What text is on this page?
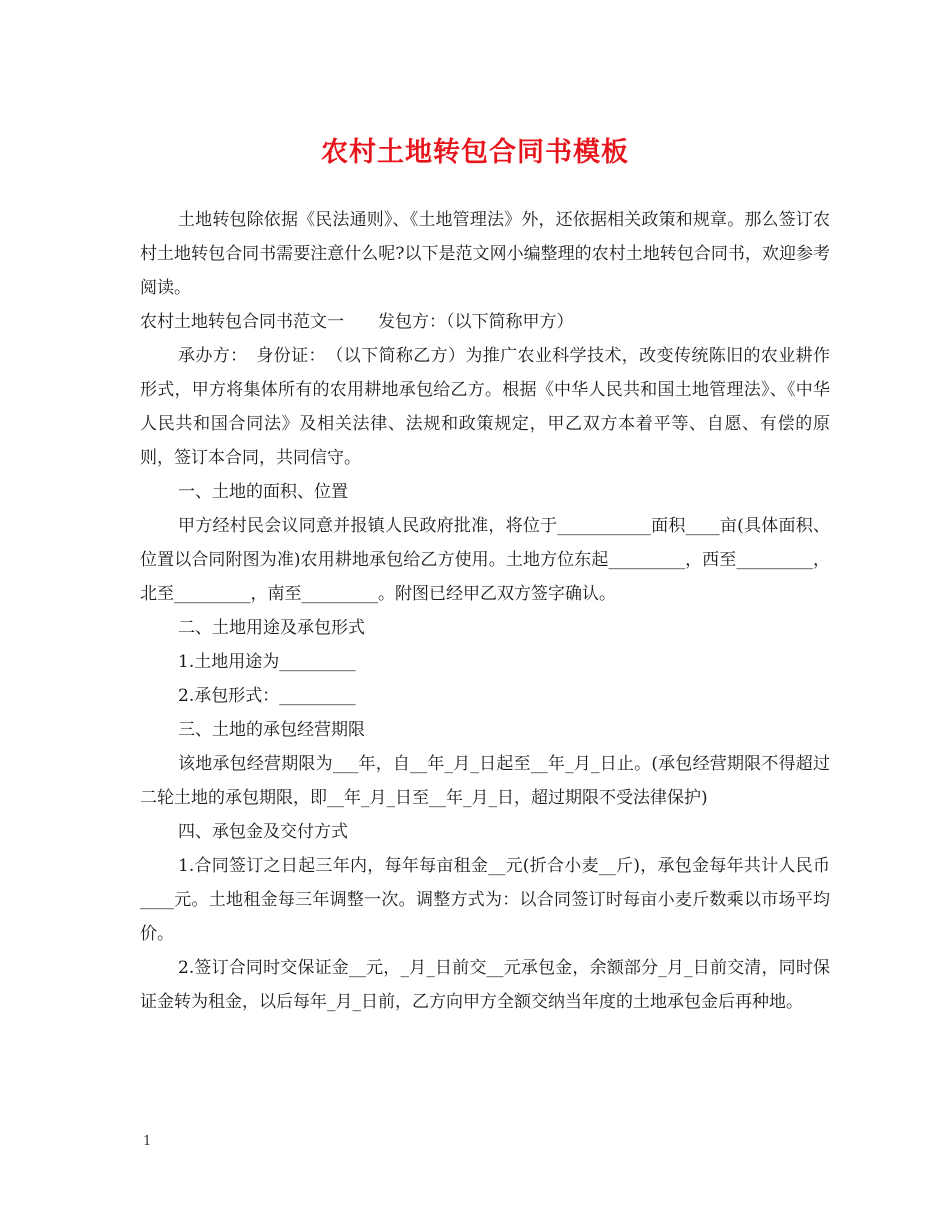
农村土地转包合同书模板

土地转包除依据《民法通则》、《土地管理法》外，还依据相关政策和规章。那么签订农村土地转包合同书需要注意什么呢?以下是范文网小编整理的农村土地转包合同书，欢迎参考阅读。

农村土地转包合同书范文一　　发包方：（以下简称甲方）

承办方：　身份证：　（以下简称乙方）为推广农业科学技术，改变传统陈旧的农业耕作形式，甲方将集体所有的农用耕地承包给乙方。根据《中华人民共和国土地管理法》、《中华人民共和国合同法》及相关法律、法规和政策规定，甲乙双方本着平等、自愿、有偿的原则，签订本合同，共同信守。

一、土地的面积、位置

甲方经村民会议同意并报镇人民政府批准，将位于___________面积____亩(具体面积、位置以合同附图为准)农用耕地承包给乙方使用。土地方位东起_________，西至_________，北至_________，南至_________。附图已经甲乙双方签字确认。

二、土地用途及承包形式

1.土地用途为_________

2.承包形式：_________

三、土地的承包经营期限

该地承包经营期限为___年，自__年_月_日起至__年_月_日止。(承包经营期限不得超过二轮土地的承包期限，即__年_月_日至__年_月_日，超过期限不受法律保护)

四、承包金及交付方式

1.合同签订之日起三年内，每年每亩租金__元(折合小麦__斤)，承包金每年共计人民币____元。土地租金每三年调整一次。调整方式为：以合同签订时每亩小麦斤数乘以市场平均价。

2.签订合同时交保证金__元，_月_日前交__元承包金，余额部分_月_日前交清，同时保证金转为租金，以后每年_月_日前，乙方向甲方全额交纳当年度的土地承包金后再种地。

1
